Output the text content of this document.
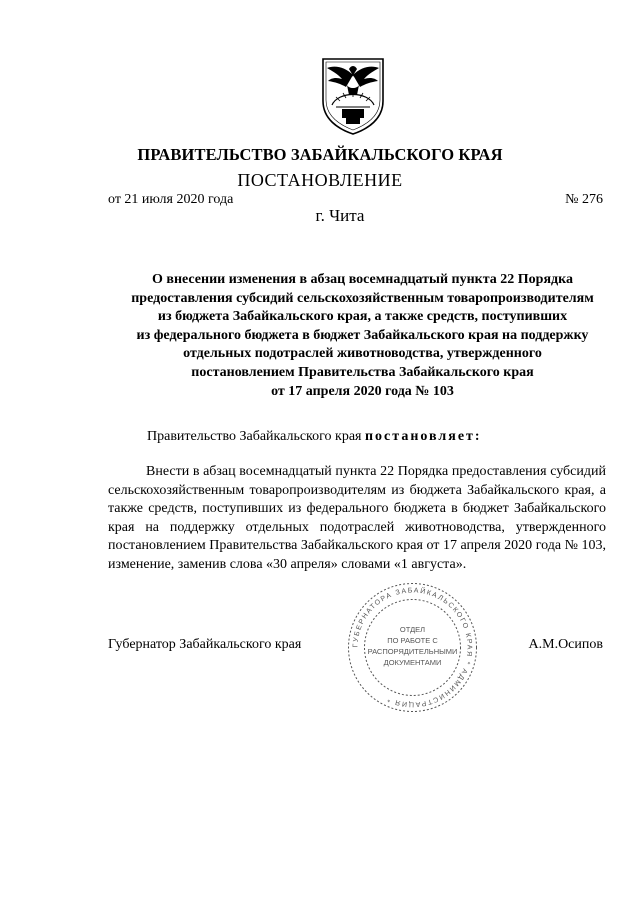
ПРАВИТЕЛЬСТВО ЗАБАЙКАЛЬСКОГО КРАЯ
ПОСТАНОВЛЕНИЕ
от 21 июля 2020 года	№ 276
г. Чита
О внесении изменения в абзац восемнадцатый пункта 22 Порядка
предоставления субсидий сельскохозяйственным товаропроизводителям
из бюджета Забайкальского края, а также средств, поступивших
из федерального бюджета в бюджет Забайкальского края на поддержку
отдельных подотраслей животноводства, утвержденного
постановлением Правительства Забайкальского края
от 17 апреля 2020 года № 103
Правительство Забайкальского края постановляет:
Внести в абзац восемнадцатый пункта 22 Порядка предоставления субсидий сельскохозяйственным товаропроизводителям из бюджета Забайкальского края, а также средств, поступивших из федерального бюджета в бюджет Забайкальского края на поддержку отдельных подотраслей животноводства, утвержденного постановлением Правительства Забайкальского края от 17 апреля 2020 года № 103, изменение, заменив слова «30 апреля» словами «1 августа».
Губернатор Забайкальского края	А.М.Осипов
ГУБЕРНАТОРА ЗАБАЙКАЛЬСКОГО КРАЯ * АДМИНИСТРАЦИЯ *
ОТДЕЛ
ПО РАБОТЕ С
РАСПОРЯДИТЕЛЬНЫМИ
ДОКУМЕНТАМИ
